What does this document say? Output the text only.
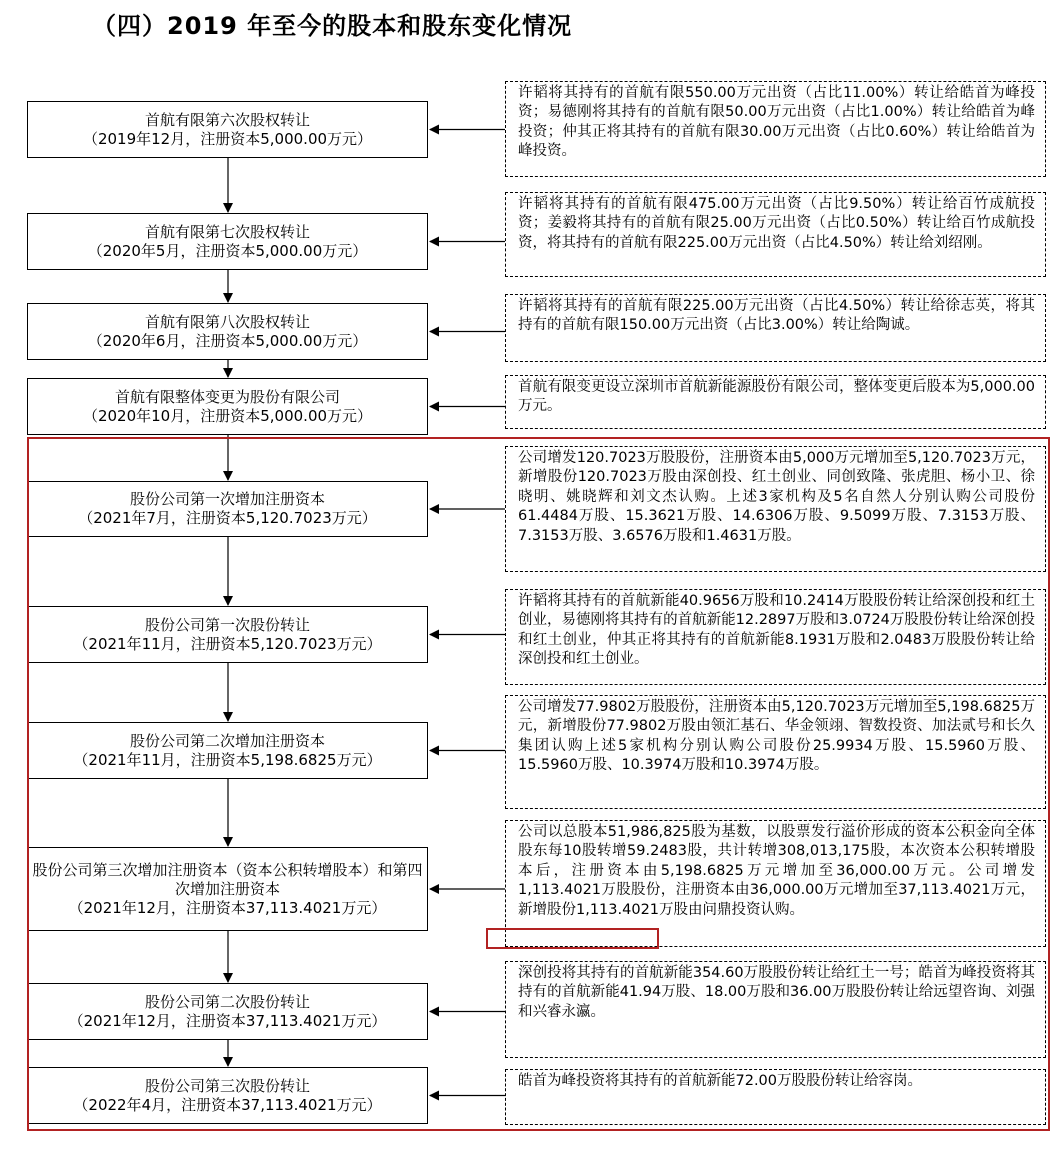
（四）2019 年至今的股本和股东变化情况
首航有限第六次股权转让
（2019年12月，注册资本5,000.00万元）
许韬将其持有的首航有限550.00万元出资（占比11.00%）转让给皓首为峰投资；易德刚将其持有的首航有限50.00万元出资（占比1.00%）转让给皓首为峰投资；仲其正将其持有的首航有限30.00万元出资（占比0.60%）转让给皓首为峰投资。
首航有限第七次股权转让
（2020年5月，注册资本5,000.00万元）
许韬将其持有的首航有限475.00万元出资（占比9.50%）转让给百竹成航投资；姜毅将其持有的首航有限25.00万元出资（占比0.50%）转让给百竹成航投资，将其持有的首航有限225.00万元出资（占比4.50%）转让给刘绍刚。
首航有限第八次股权转让
（2020年6月，注册资本5,000.00万元）
许韬将其持有的首航有限225.00万元出资（占比4.50%）转让给徐志英，将其持有的首航有限150.00万元出资（占比3.00%）转让给陶诚。
首航有限整体变更为股份有限公司
（2020年10月，注册资本5,000.00万元）
首航有限变更设立深圳市首航新能源股份有限公司，整体变更后股本为5,000.00万元。
股份公司第一次增加注册资本
（2021年7月，注册资本5,120.7023万元）
公司增发120.7023万股股份，注册资本由5,000万元增加至5,120.7023万元，新增股份120.7023万股由深创投、红土创业、同创致隆、张虎胆、杨小卫、徐晓明、姚晓辉和刘文杰认购。上述3家机构及5名自然人分别认购公司股份61.4484万股、15.3621万股、14.6306万股、9.5099万股、7.3153万股、7.3153万股、3.6576万股和1.4631万股。
股份公司第一次股份转让
（2021年11月，注册资本5,120.7023万元）
许韬将其持有的首航新能40.9656万股和10.2414万股股份转让给深创投和红土创业，易德刚将其持有的首航新能12.2897万股和3.0724万股股份转让给深创投和红土创业，仲其正将其持有的首航新能8.1931万股和2.0483万股股份转让给深创投和红土创业。
股份公司第二次增加注册资本
（2021年11月，注册资本5,198.6825万元）
公司增发77.9802万股股份，注册资本由5,120.7023万元增加至5,198.6825万元，新增股份77.9802万股由领汇基石、华金领翊、智数投资、加法贰号和长久集团认购上述5家机构分别认购公司股份25.9934万股、15.5960万股、15.5960万股、10.3974万股和10.3974万股。
股份公司第三次增加注册资本（资本公积转增股本）和第四次增加注册资本
（2021年12月，注册资本37,113.4021万元）
公司以总股本51,986,825股为基数，以股票发行溢价形成的资本公积金向全体股东每10股转增59.2483股，共计转增308,013,175股，本次资本公积转增股本后，注册资本由5,198.6825万元增加至36,000.00万元。公司增发1,113.4021万股股份，注册资本由36,000.00万元增加至37,113.4021万元，新增股份1,113.4021万股由问鼎投资认购。
股份公司第二次股份转让
（2021年12月，注册资本37,113.4021万元）
深创投将其持有的首航新能354.60万股股份转让给红土一号；皓首为峰投资将其持有的首航新能41.94万股、18.00万股和36.00万股股份转让给远望咨询、刘强和兴睿永瀛。
股份公司第三次股份转让
（2022年4月，注册资本37,113.4021万元）
皓首为峰投资将其持有的首航新能72.00万股股份转让给容岗。
